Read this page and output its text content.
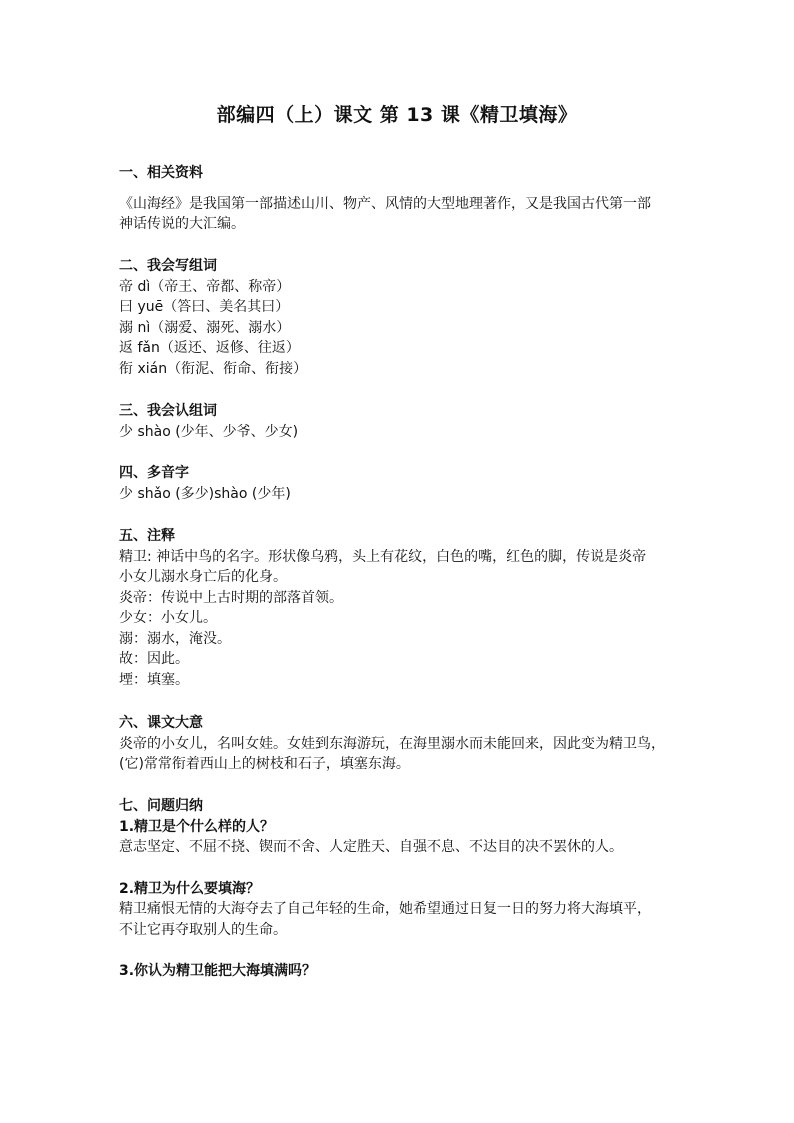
部编四（上）课文 第 13 课《精卫填海》
一、相关资料
《山海经》是我国第一部描述山川、物产、风情的大型地理著作，又是我国古代第一部
神话传说的大汇编。
二、我会写组词
帝 dì（帝王、帝都、称帝）
曰 yuē（答曰、美名其曰）
溺 nì（溺爱、溺死、溺水）
返 fǎn（返还、返修、往返）
衔 xián（衔泥、衔命、衔接）
三、我会认组词
少 shào (少年、少爷、少女)
四、多音字
少 shǎo (多少)shào (少年)
五、注释
精卫: 神话中鸟的名字。形状像乌鸦，头上有花纹，白色的嘴，红色的脚，传说是炎帝
小女儿溺水身亡后的化身。
炎帝：传说中上古时期的部落首领。
少女：小女儿。
溺：溺水，淹没。
故：因此。
堙：填塞。
六、课文大意
炎帝的小女儿，名叫女娃。女娃到东海游玩，在海里溺水而未能回来，因此变为精卫鸟，
(它)常常衔着西山上的树枝和石子，填塞东海。
七、问题归纳
1.精卫是个什么样的人？
意志坚定、不屈不挠、锲而不舍、人定胜天、自强不息、不达目的决不罢休的人。
2.精卫为什么要填海？
精卫痛恨无情的大海夺去了自己年轻的生命，她希望通过日复一日的努力将大海填平，
不让它再夺取别人的生命。
3.你认为精卫能把大海填满吗？
